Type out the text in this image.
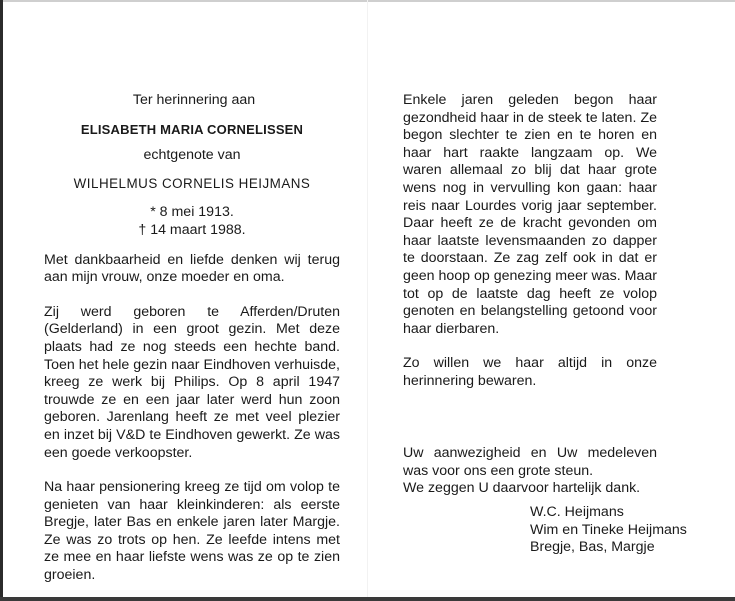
Ter herinnering aan
ELISABETH MARIA CORNELISSEN
echtgenote van
WILHELMUS CORNELIS HEIJMANS
* 8 mei 1913.
† 14 maart 1988.

Met dankbaarheid en liefde denken wij terug aan mijn vrouw, onze moeder en oma.

Zij werd geboren te Afferden/Druten (Gelderland) in een groot gezin. Met deze plaats had ze nog steeds een hechte band. Toen het hele gezin naar Eindhoven verhuisde, kreeg ze werk bij Philips. Op 8 april 1947 trouwde ze en een jaar later werd hun zoon geboren. Jarenlang heeft ze met veel plezier en inzet bij V&D te Eindhoven gewerkt. Ze was een goede verkoopster.

Na haar pensionering kreeg ze tijd om volop te genieten van haar kleinkinderen: als eerste Bregje, later Bas en enkele jaren later Margje. Ze was zo trots op hen. Ze leefde intens met ze mee en haar liefste wens was ze op te zien groeien.

Enkele jaren geleden begon haar gezondheid haar in de steek te laten. Ze begon slechter te zien en te horen en haar hart raakte langzaam op. We waren allemaal zo blij dat haar grote wens nog in vervulling kon gaan: haar reis naar Lourdes vorig jaar september. Daar heeft ze de kracht gevonden om haar laatste levensmaanden zo dapper te doorstaan. Ze zag zelf ook in dat er geen hoop op genezing meer was. Maar tot op de laatste dag heeft ze volop genoten en belangstelling getoond voor haar dierbaren.

Zo willen we haar altijd in onze herinnering bewaren.

Uw aanwezigheid en Uw medeleven was voor ons een grote steun.

We zeggen U daarvoor hartelijk dank.

W.C. Heijmans
Wim en Tineke Heijmans
Bregje, Bas, Margje
